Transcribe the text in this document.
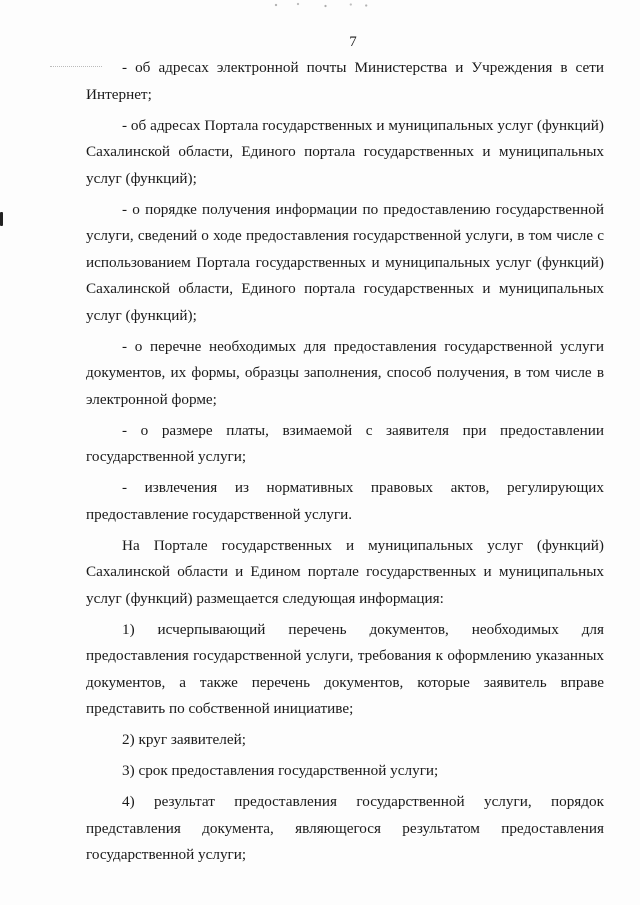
7

- об адресах электронной почты Министерства и Учреждения в сети Интернет;

- об адресах Портала государственных и муниципальных услуг (функций) Сахалинской области, Единого портала государственных и муниципальных услуг (функций);

- о порядке получения информации по предоставлению государственной услуги, сведений о ходе предоставления государственной услуги, в том числе с использованием Портала государственных и муниципальных услуг (функций) Сахалинской области, Единого портала государственных и муниципальных услуг (функций);

- о перечне необходимых для предоставления государственной услуги документов, их формы, образцы заполнения, способ получения, в том числе в электронной форме;

- о размере платы, взимаемой с заявителя при предоставлении государственной услуги;

- извлечения из нормативных правовых актов, регулирующих предоставление государственной услуги.

На Портале государственных и муниципальных услуг (функций) Сахалинской области и Едином портале государственных и муниципальных услуг (функций) размещается следующая информация:

1) исчерпывающий перечень документов, необходимых для предоставления государственной услуги, требования к оформлению указанных документов, а также перечень документов, которые заявитель вправе представить по собственной инициативе;

2) круг заявителей;

3) срок предоставления государственной услуги;

4) результат предоставления государственной услуги, порядок представления документа, являющегося результатом предоставления государственной услуги;
